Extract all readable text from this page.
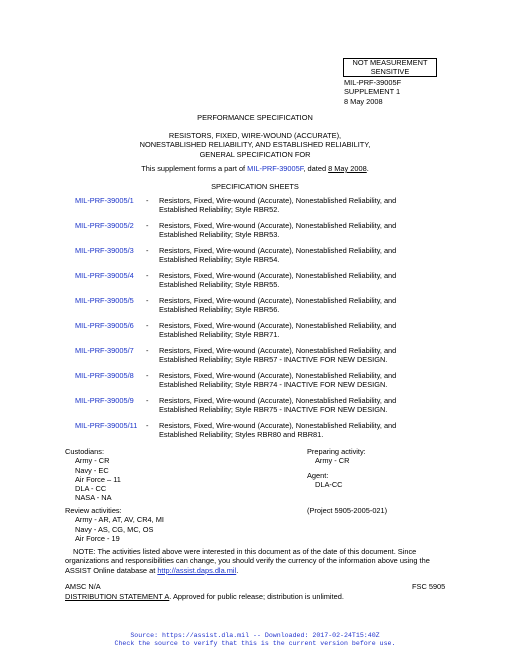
NOT MEASUREMENT
SENSITIVE
MIL-PRF-39005F
SUPPLEMENT 1
8 May 2008
PERFORMANCE SPECIFICATION
RESISTORS, FIXED, WIRE-WOUND (ACCURATE),
NONESTABLISHED RELIABILITY, AND ESTABLISHED RELIABILITY,
GENERAL SPECIFICATION FOR
This supplement forms a part of MIL-PRF-39005F, dated 8 May 2008.
SPECIFICATION SHEETS
MIL-PRF-39005/1	- Resistors, Fixed, Wire-wound (Accurate), Nonestablished Reliability, and
Established Reliability; Style RBR52.
MIL-PRF-39005/2	- Resistors, Fixed, Wire-wound (Accurate), Nonestablished Reliability, and
Established Reliability; Style RBR53.
MIL-PRF-39005/3	- Resistors, Fixed, Wire-wound (Accurate), Nonestablished Reliability, and
Established Reliability; Style RBR54.
MIL-PRF-39005/4	- Resistors, Fixed, Wire-wound (Accurate), Nonestablished Reliability, and
Established Reliability; Style RBR55.
MIL-PRF-39005/5	- Resistors, Fixed, Wire-wound (Accurate), Nonestablished Reliability, and
Established Reliability; Style RBR56.
MIL-PRF-39005/6	- Resistors, Fixed, Wire-wound (Accurate), Nonestablished Reliability, and
Established Reliability; Style RBR71.
MIL-PRF-39005/7	- Resistors, Fixed, Wire-wound (Accurate), Nonestablished Reliability, and
Established Reliability; Style RBR57 - INACTIVE FOR NEW DESIGN.
MIL-PRF-39005/8	- Resistors, Fixed, Wire-wound (Accurate), Nonestablished Reliability, and
Established Reliability; Style RBR74 - INACTIVE FOR NEW DESIGN.
MIL-PRF-39005/9	- Resistors, Fixed, Wire-wound (Accurate), Nonestablished Reliability, and
Established Reliability; Style RBR75 - INACTIVE FOR NEW DESIGN.
MIL-PRF-39005/11	- Resistors, Fixed, Wire-wound (Accurate), Nonestablished Reliability, and
Established Reliability; Styles RBR80 and RBR81.
Custodians:
Army - CR
Navy - EC
Air Force – 11
DLA - CC
NASA - NA
Preparing activity:
Army - CR
Agent:
DLA-CC
Review activities:
Army - AR, AT, AV, CR4, MI
Navy - AS, CG, MC, OS
Air Force - 19
(Project 5905-2005-021)
NOTE: The activities listed above were interested in this document as of the date of this document. Since
organizations and responsibilities can change, you should verify the currency of the information above using the
ASSIST Online database at http://assist.daps.dla.mil.
AMSC N/A	FSC 5905
DISTRIBUTION STATEMENT A. Approved for public release; distribution is unlimited.
Source: https://assist.dla.mil -- Downloaded: 2017-02-24T15:40Z
Check the source to verify that this is the current version before use.
